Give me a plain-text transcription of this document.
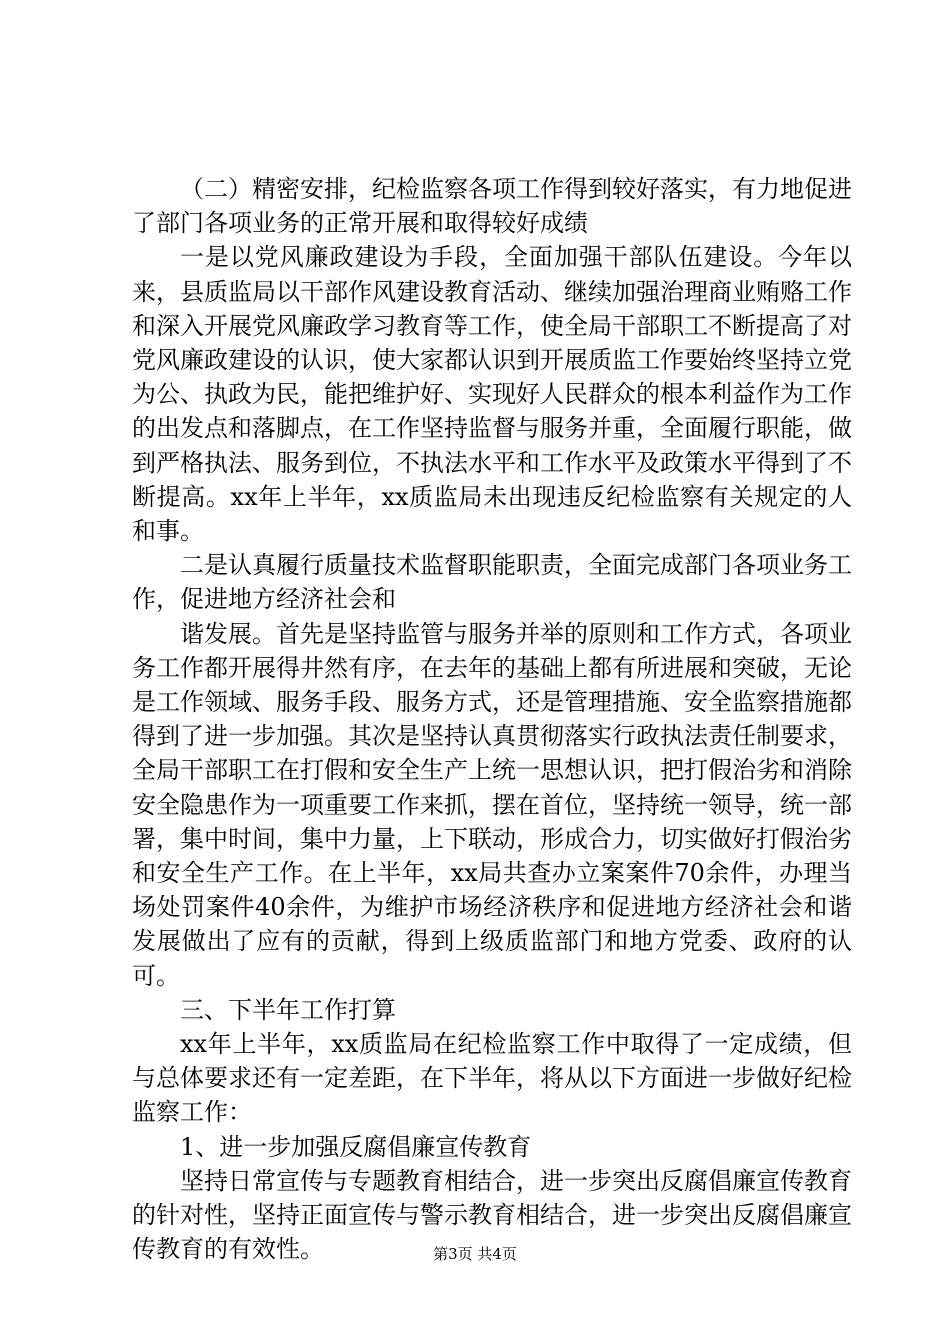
（二）精密安排，纪检监察各项工作得到较好落实，有力地促进了部门各项业务的正常开展和取得较好成绩

一是以党风廉政建设为手段，全面加强干部队伍建设。今年以来，县质监局以干部作风建设教育活动、继续加强治理商业贿赂工作和深入开展党风廉政学习教育等工作，使全局干部职工不断提高了对党风廉政建设的认识，使大家都认识到开展质监工作要始终坚持立党为公、执政为民，能把维护好、实现好人民群众的根本利益作为工作的出发点和落脚点，在工作坚持监督与服务并重，全面履行职能，做到严格执法、服务到位，不执法水平和工作水平及政策水平得到了不断提高。xx年上半年，xx质监局未出现违反纪检监察有关规定的人和事。

二是认真履行质量技术监督职能职责，全面完成部门各项业务工作，促进地方经济社会和

谐发展。首先是坚持监管与服务并举的原则和工作方式，各项业务工作都开展得井然有序，在去年的基础上都有所进展和突破，无论是工作领域、服务手段、服务方式，还是管理措施、安全监察措施都得到了进一步加强。其次是坚持认真贯彻落实行政执法责任制要求，全局干部职工在打假和安全生产上统一思想认识，把打假治劣和消除安全隐患作为一项重要工作来抓，摆在首位，坚持统一领导，统一部署，集中时间，集中力量，上下联动，形成合力，切实做好打假治劣和安全生产工作。在上半年，xx局共查办立案案件70余件，办理当场处罚案件40余件，为维护市场经济秩序和促进地方经济社会和谐发展做出了应有的贡献，得到上级质监部门和地方党委、政府的认可。

三、下半年工作打算

xx年上半年，xx质监局在纪检监察工作中取得了一定成绩，但与总体要求还有一定差距，在下半年，将从以下方面进一步做好纪检监察工作：

1、进一步加强反腐倡廉宣传教育

坚持日常宣传与专题教育相结合，进一步突出反腐倡廉宣传教育的针对性，坚持正面宣传与警示教育相结合，进一步突出反腐倡廉宣传教育的有效性。	第3页 共4页
